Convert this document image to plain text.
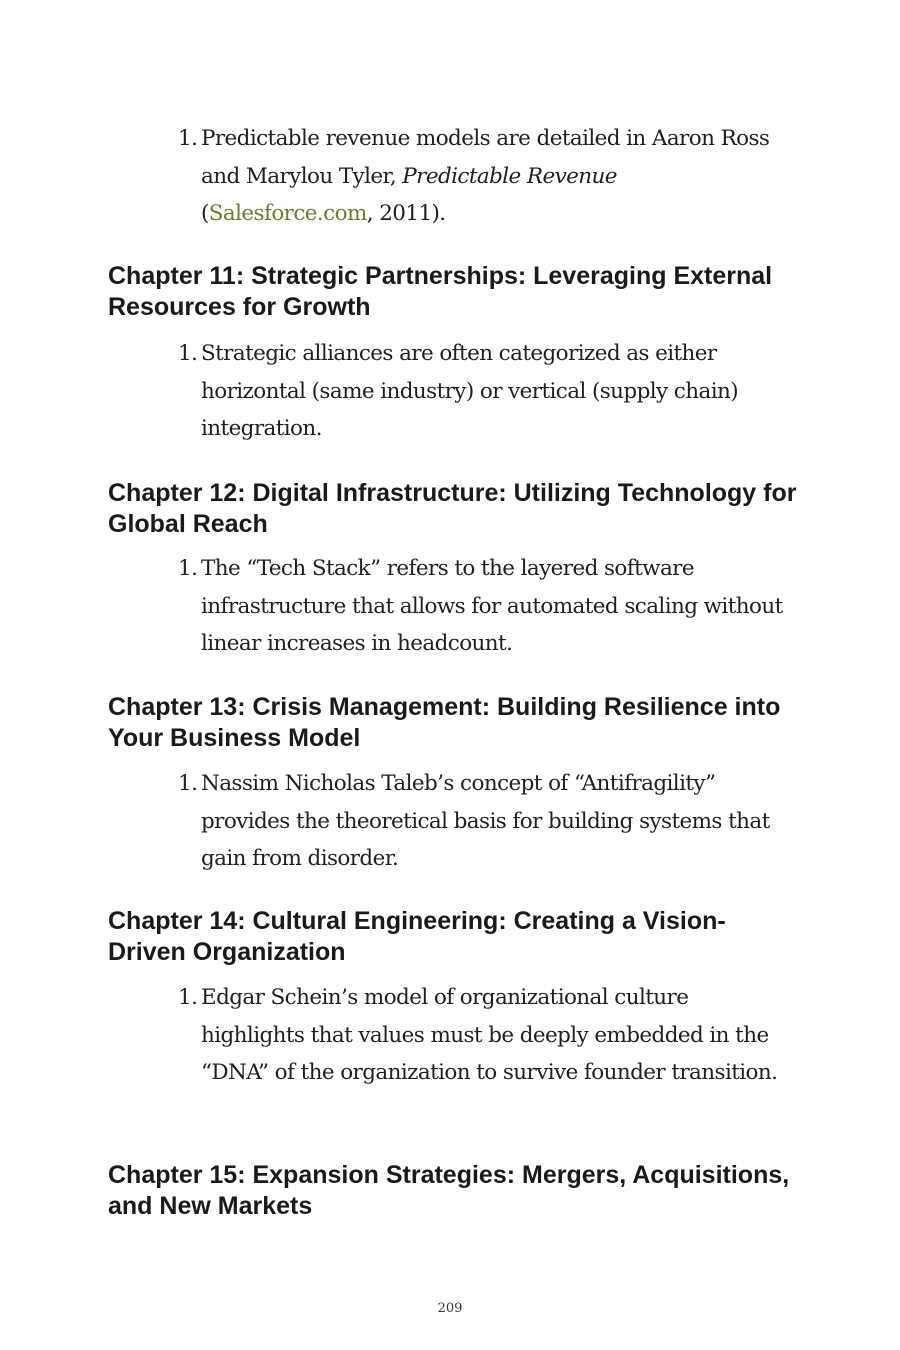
1. Predictable revenue models are detailed in Aaron Ross and Marylou Tyler, Predictable Revenue
(Salesforce.com, 2011).
Chapter 11: Strategic Partnerships: Leveraging External Resources for Growth
1. Strategic alliances are often categorized as either horizontal (same industry) or vertical (supply chain) integration.
Chapter 12: Digital Infrastructure: Utilizing Technology for Global Reach
1. The “Tech Stack” refers to the layered software infrastructure that allows for automated scaling without linear increases in headcount.
Chapter 13: Crisis Management: Building Resilience into Your Business Model
1. Nassim Nicholas Taleb’s concept of “Antifragility” provides the theoretical basis for building systems that gain from disorder.
Chapter 14: Cultural Engineering: Creating a Vision-Driven Organization
1. Edgar Schein’s model of organizational culture highlights that values must be deeply embedded in the “DNA” of the organization to survive founder transition.
Chapter 15: Expansion Strategies: Mergers, Acquisitions, and New Markets
209
